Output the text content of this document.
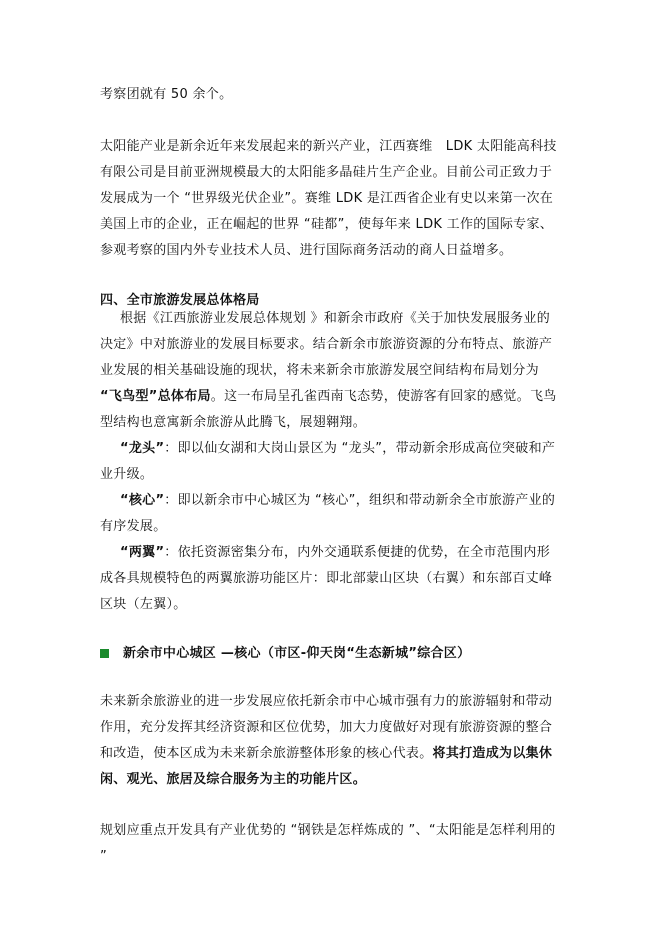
考察团就有 50 余个。
太阳能产业是新余近年来发展起来的新兴产业，江西赛维　LDK 太阳能高科技有限公司是目前亚洲规模最大的太阳能多晶硅片生产企业。目前公司正致力于发展成为一个 “世界级光伏企业”。赛维 LDK 是江西省企业有史以来第一次在美国上市的企业，正在崛起的世界 “硅都”，使每年来 LDK 工作的国际专家、参观考察的国内外专业技术人员、进行国际商务活动的商人日益增多。
四、全市旅游发展总体格局
根据《江西旅游业发展总体规划 》和新余市政府《关于加快发展服务业的决定》中对旅游业的发展目标要求。结合新余市旅游资源的分布特点、旅游产业发展的相关基础设施的现状，将未来新余市旅游发展空间结构布局划分为　“飞鸟型”总体布局。这一布局呈孔雀西南飞态势，使游客有回家的感觉。飞鸟型结构也意寓新余旅游从此腾飞，展翅翱翔。
“龙头”：即以仙女湖和大岗山景区为 “龙头”，带动新余形成高位突破和产业升级。
“核心”：即以新余市中心城区为 “核心”，组织和带动新余全市旅游产业的有序发展。
“两翼”：依托资源密集分布，内外交通联系便捷的优势，在全市范围内形成各具规模特色的两翼旅游功能区片：即北部蒙山区块（右翼）和东部百丈峰区块（左翼）。
新余市中心城区 —核心（市区-仰天岗“生态新城”综合区）
未来新余旅游业的进一步发展应依托新余市中心城市强有力的旅游辐射和带动作用，充分发挥其经济资源和区位优势，加大力度做好对现有旅游资源的整合和改造，使本区成为未来新余旅游整体形象的核心代表。将其打造成为以集休闲、观光、旅居及综合服务为主的功能片区。
规划应重点开发具有产业优势的 “钢铁是怎样炼成的 ”、“太阳能是怎样利用的 ”
